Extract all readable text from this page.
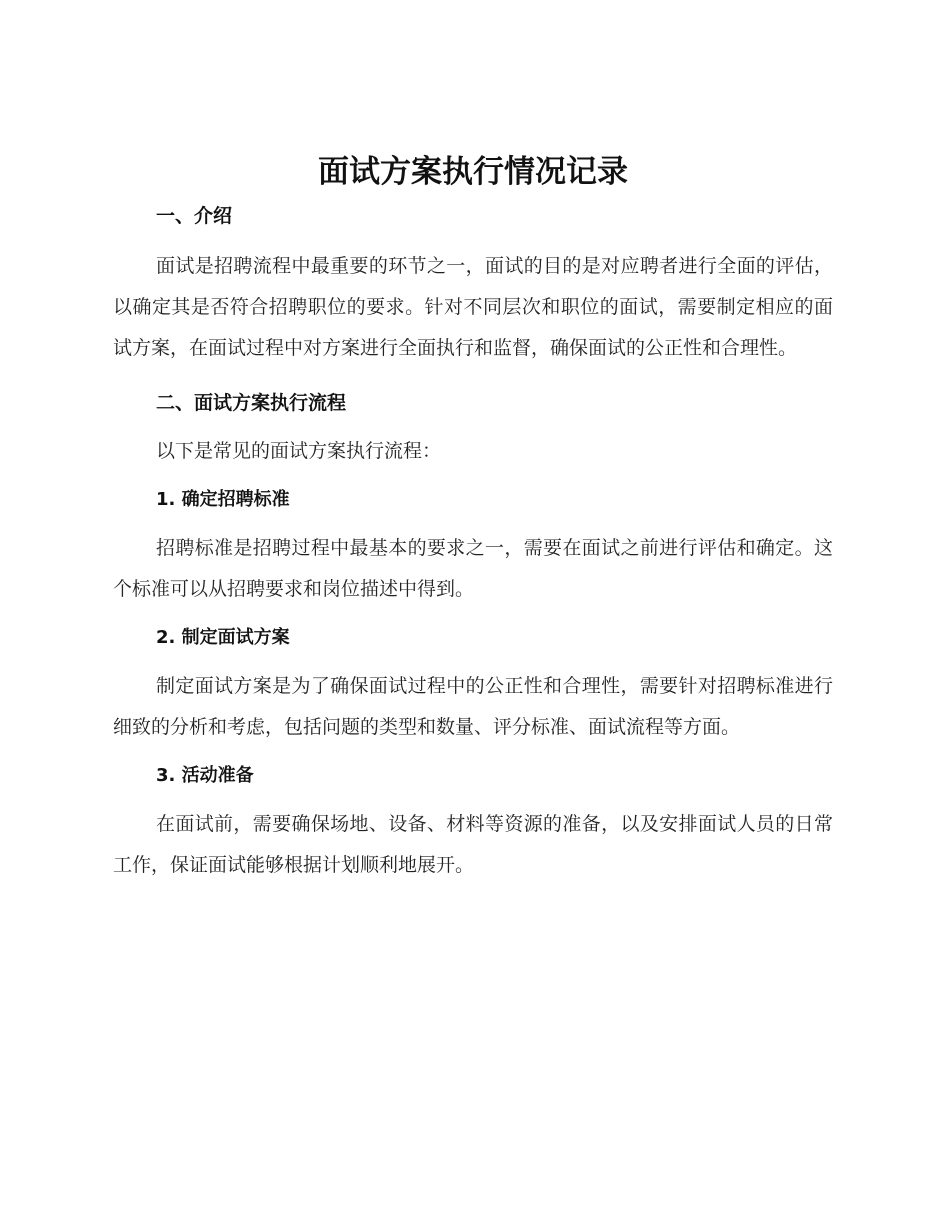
面试方案执行情况记录
一、介绍

面试是招聘流程中最重要的环节之一，面试的目的是对应聘者进行全面的评估，以确定其是否符合招聘职位的要求。针对不同层次和职位的面试，需要制定相应的面试方案，在面试过程中对方案进行全面执行和监督，确保面试的公正性和合理性。

二、面试方案执行流程

以下是常见的面试方案执行流程：

1. 确定招聘标准

招聘标准是招聘过程中最基本的要求之一，需要在面试之前进行评估和确定。这个标准可以从招聘要求和岗位描述中得到。

2. 制定面试方案

制定面试方案是为了确保面试过程中的公正性和合理性，需要针对招聘标准进行细致的分析和考虑，包括问题的类型和数量、评分标准、面试流程等方面。

3. 活动准备

在面试前，需要确保场地、设备、材料等资源的准备，以及安排面试人员的日常工作，保证面试能够根据计划顺利地展开。
